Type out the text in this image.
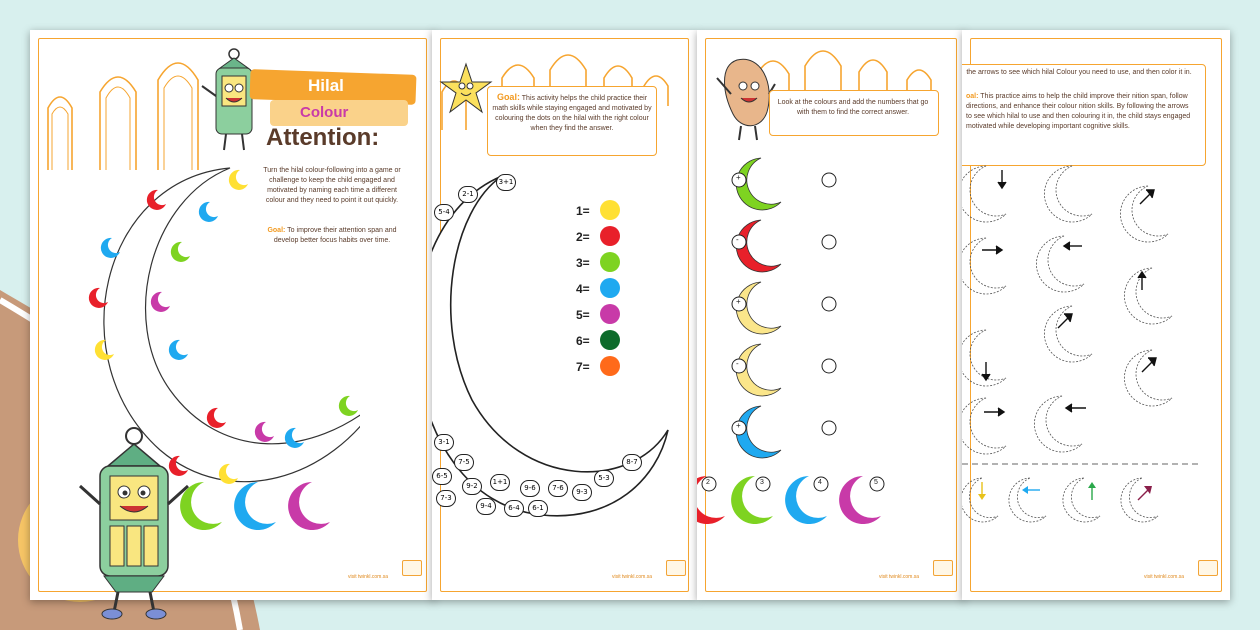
Hilal
Colour
Attention:
Turn the hilal colour-following into a game or challenge to keep the child engaged and motivated by naming each time a different colour and they need to point it out quickly.
Goal: To improve their attention span and develop better focus habits over time.
visit twinkl.com.sa
Goal: This activity helps the child practice their math skills while staying engaged and motivated by colouring the dots on the hilal with the right colour when they find the answer.
1=
2=
3=
4=
5=
6=
7=
3+1
2-1
5-4
3-1
7-5
6-5
9-2	1+1
9-6	7-6	9-3
5-3
8-7
7-3
9-4	6-4	6-1
visit twinkl.com.sa
Look at the colours and add the numbers that go with them to find the correct answer.
+
-
+
-
+
2	3	4	5
visit twinkl.com.sa
the arrows to see which hilal Colour you need to use, and then color it in.
oal: This practice aims to help the child improve their nition span, follow directions, and enhance their colour nition skills. By following the arrows to see which hilal to use and then colouring it in, the child stays engaged motivated while developing important cognitive skills.
visit twinkl.com.sa
